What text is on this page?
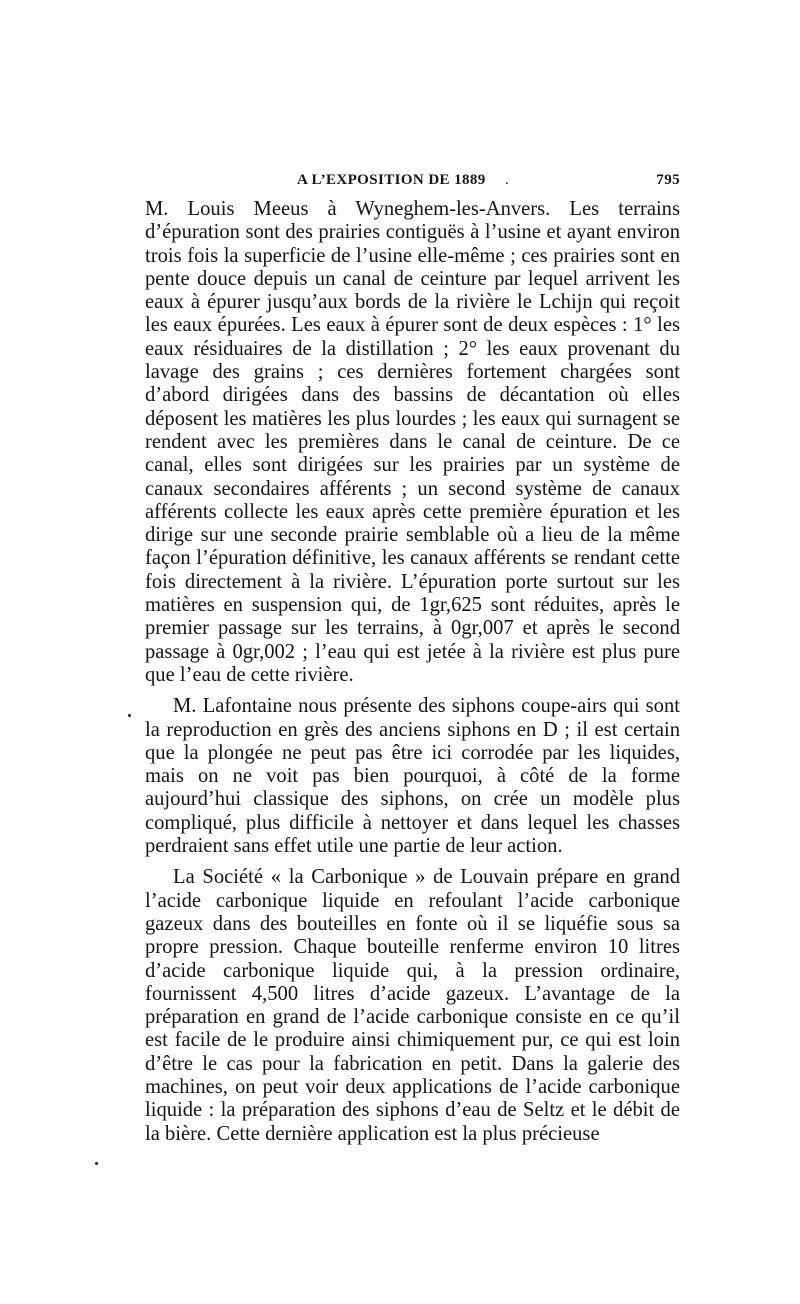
A L’EXPOSITION DE 1889 .	795

M. Louis Meeus à Wyneghem-les-Anvers. Les terrains d’épuration sont des prairies contiguës à l’usine et ayant environ trois fois la superficie de l’usine elle-même ; ces prairies sont en pente douce depuis un canal de ceinture par lequel arrivent les eaux à épurer jusqu’aux bords de la rivière le Lchijn qui reçoit les eaux épurées. Les eaux à épurer sont de deux espèces : 1° les eaux résiduaires de la distillation ; 2° les eaux provenant du lavage des grains ; ces dernières fortement chargées sont d’abord dirigées dans des bassins de décantation où elles déposent les matières les plus lourdes ; les eaux qui surnagent se rendent avec les premières dans le canal de ceinture. De ce canal, elles sont dirigées sur les prairies par un système de canaux secondaires afférents ; un second système de canaux afférents collecte les eaux après cette première épuration et les dirige sur une seconde prairie semblable où a lieu de la même façon l’épuration définitive, les canaux afférents se rendant cette fois directement à la rivière. L’épuration porte surtout sur les matières en suspension qui, de 1gr,625 sont réduites, après le premier passage sur les terrains, à 0gr,007 et après le second passage à 0gr,002 ; l’eau qui est jetée à la rivière est plus pure que l’eau de cette rivière.

M. Lafontaine nous présente des siphons coupe-airs qui sont la reproduction en grès des anciens siphons en D ; il est certain que la plongée ne peut pas être ici corrodée par les liquides, mais on ne voit pas bien pourquoi, à côté de la forme aujourd’hui classique des siphons, on crée un modèle plus compliqué, plus difficile à nettoyer et dans lequel les chasses perdraient sans effet utile une partie de leur action.

La Société « la Carbonique » de Louvain prépare en grand l’acide carbonique liquide en refoulant l’acide carbonique gazeux dans des bouteilles en fonte où il se liquéfie sous sa propre pression. Chaque bouteille renferme environ 10 litres d’acide carbonique liquide qui, à la pression ordinaire, fournissent 4,500 litres d’acide gazeux. L’avantage de la préparation en grand de l’acide carbonique consiste en ce qu’il est facile de le produire ainsi chimiquement pur, ce qui est loin d’être le cas pour la fabrication en petit. Dans la galerie des machines, on peut voir deux applications de l’acide carbonique liquide : la préparation des siphons d’eau de Seltz et le débit de la bière. Cette dernière application est la plus précieuse
